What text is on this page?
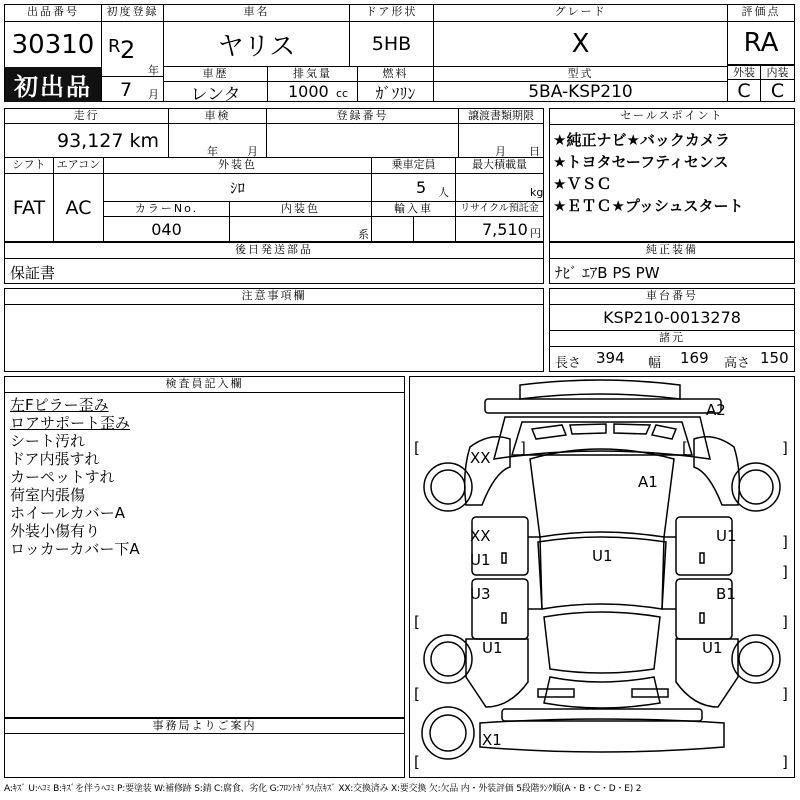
出品番号
30310
初出品
初度登録
R 2
年
7 月
車名
ヤリス
ドア形状
5HB
グレード
X
評価点
RA
車歴
レンタ
排気量
1000 cc
燃料
ｶﾞｿﾘﾝ
型式
5BA-KSP210
外装
C
内装
C
走行
93,127 km
車検
年	月
登録番号	譲渡書類期限
月 日
シフト
FAT
エアコン
AC
外装色
ｼﾛ
乗車定員
5 人
最大積載量
kg
カラーNo.
040
内装色
系
輸入車	リサイクル預託金
7,510 円
セールスポイント
★純正ナビ★バックカメラ
★トヨタセーフティセンス
★ＶＳＣ
★ＥＴＣ★プッシュスタート
後日発送部品
保証書
純正装備
ﾅﾋﾞ ｴｱB PS PW
注意事項欄	車台番号
KSP210-0013278
諸元
長さ 394 幅 169 高さ 150
検査員記入欄
左Fピラー歪み
ロアサポート歪み
シート汚れ
ドア内張すれ
カーペットすれ
荷室内張傷
ホイールカバーA
外装小傷有り
ロッカーカバー下A
事務局よりご案内
A2
A1
XX
XX
U1	U1
U1
U3	B1
U1	U1
X1
[	]	[	]
[	]
[	]
[	]
]
]
A:ｷｽﾞ U:ﾍｺﾐ B:ｷｽﾞを伴うﾍｺﾐ P:要塗装 W:補修跡 S:錆 C:腐食、劣化 G:ﾌﾛﾝﾄｶﾞﾗｽ点ｷｽﾞ XX:交換済み X:要交換 欠:欠品 内・外装評価 5段階ﾗﾝｸ順(A・B・C・D・E) 2
